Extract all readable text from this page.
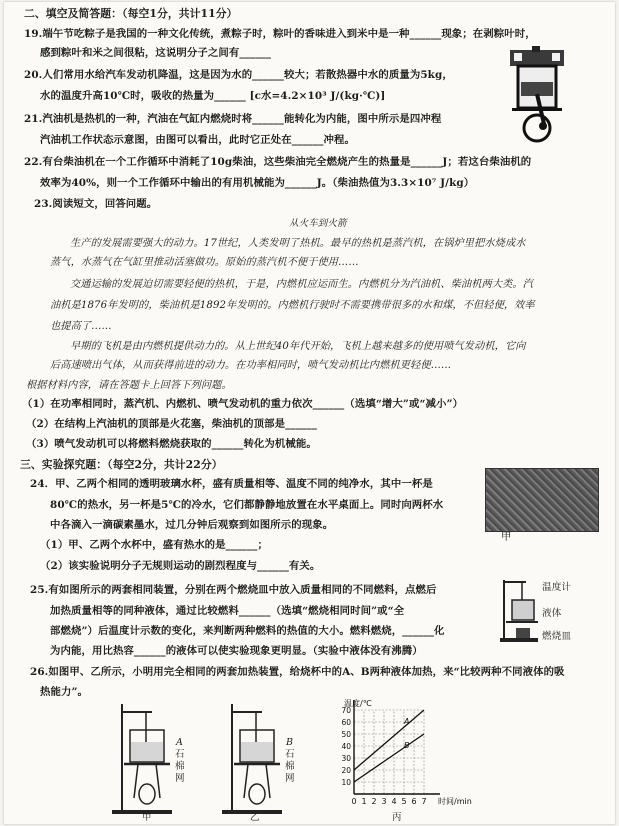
二、填空及简答题：（每空1分，共计11分）
19.端午节吃粽子是我国的一种文化传统，煮粽子时，粽叶的香味进入到米中是一种______现象；在剥粽叶时，
感到粽叶和米之间很粘，这说明分子之间有______
20.人们常用水给汽车发动机降温，这是因为水的______较大；若散热器中水的质量为5kg，
水的温度升高10℃时，吸收的热量为______ [c水=4.2×10³ J/(kg·℃)]
21.汽油机是热机的一种，汽油在气缸内燃烧时将______能转化为内能，图中所示是四冲程
汽油机工作状态示意图，由图可以看出，此时它正处在______冲程。
22.有台柴油机在一个工作循环中消耗了10g柴油，这些柴油完全燃烧产生的热量是______J；若这台柴油机的
效率为40%，则一个工作循环中输出的有用机械能为______J。（柴油热值为3.3×10⁷ J/kg）
23.阅读短文，回答问题。
从火车到火箭
生产的发展需要强大的动力。17世纪，人类发明了热机。最早的热机是蒸汽机，在锅炉里把水烧成水
蒸气，水蒸气在气缸里推动活塞做功。原始的蒸汽机不便于使用……
交通运输的发展迫切需要轻便的热机，于是，内燃机应运而生。内燃机分为汽油机、柴油机两大类。汽
油机是1876年发明的，柴油机是1892年发明的。内燃机行驶时不需要携带很多的水和煤，不但轻便，效率
也提高了……
早期的飞机是由内燃机提供动力的。从上世纪40年代开始，飞机上越来越多的使用喷气发动机，它向
后高速喷出气体，从而获得前进的动力。在功率相同时，喷气发动机比内燃机更轻便……
根据材料内容，请在答题卡上回答下列问题。
（1）在功率相同时，蒸汽机、内燃机、喷气发动机的重力依次______（选填“增大”或“减小”）
（2）在结构上汽油机的顶部是火花塞，柴油机的顶部是______
（3）喷气发动机可以将燃料燃烧获取的______转化为机械能。
三、实验探究题：（每空2分，共计22分）
24．甲、乙两个相同的透明玻璃水杯，盛有质量相等、温度不同的纯净水，其中一杯是
80℃的热水，另一杯是5℃的冷水，它们都静静地放置在水平桌面上。同时向两杯水
中各滴入一滴碳素墨水，过几分钟后观察到如图所示的现象。
（1）甲、乙两个水杯中，盛有热水的是______；
（2）该实验说明分子无规则运动的剧烈程度与______有关。
甲
25.有如图所示的两套相同装置，分别在两个燃烧皿中放入质量相同的不同燃料，点燃后
加热质量相等的同种液体，通过比较燃料______（选填“燃烧相同时间”或“全
部燃烧”）后温度计示数的变化，来判断两种燃料的热值的大小。燃料燃烧，______化
为内能，用比热容______的液体可以使实验现象更明显。（实验中液体没有沸腾）
温度计
液体
燃烧皿
26.如图甲、乙所示，小明用完全相同的两套加热装置，给烧杯中的A、B两种液体加热，来“比较两种不同液体的吸
热能力”。
A
石
棉
网
甲
B
石
棉
网
乙
0 1 2 3 4 5 6 7
10
20
30
40
50
60
70
时间/min
温度/℃
A
B
丙
